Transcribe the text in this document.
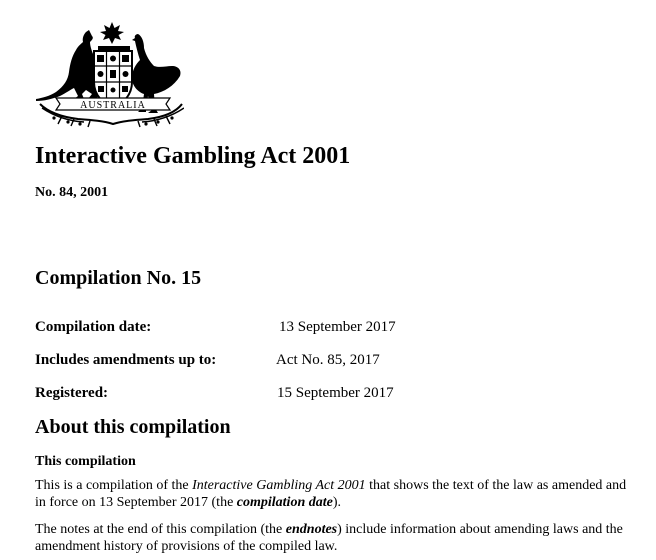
AUSTRALIA
Interactive Gambling Act 2001
No. 84, 2001
Compilation No. 15
Compilation date:	13 September 2017
Includes amendments up to:	Act No. 85, 2017
Registered:	15 September 2017
About this compilation
This compilation

This is a compilation of the Interactive Gambling Act 2001 that shows the text of the law as amended and in force on 13 September 2017 (the compilation date).

The notes at the end of this compilation (the endnotes) include information about amending laws and the amendment history of provisions of the compiled law.
